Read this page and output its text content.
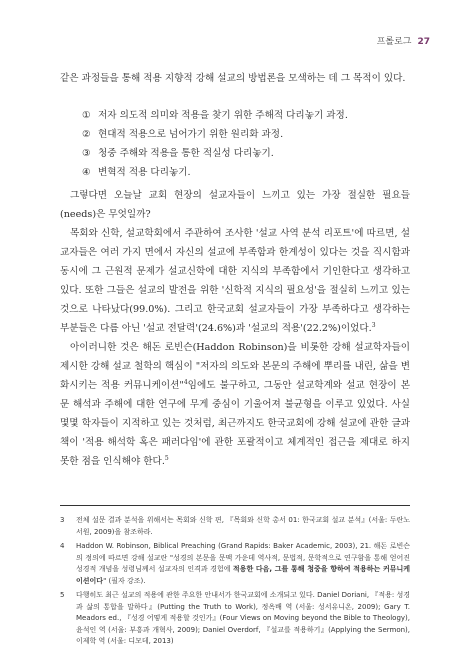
프롤로그 27

같은 과정들을 통해 적용 지향적 강해 설교의 방법론을 모색하는 데 그 목적이 있다.

① 저자 의도적 의미와 적용을 찾기 위한 주해적 다리놓기 과정.
② 현대적 적용으로 넘어가기 위한 원리화 과정.
③ 청중 주해와 적용을 통한 적실성 다리놓기.
④ 변혁적 적용 다리놓기.

그렇다면 오늘날 교회 현장의 설교자들이 느끼고 있는 가장 절실한 필요들(needs)은 무엇일까?

목회와 신학, 설교학회에서 주관하여 조사한 '설교 사역 분석 리포트'에 따르면, 설교자들은 여러 가지 면에서 자신의 설교에 부족함과 한계성이 있다는 것을 직시함과 동시에 그 근원적 문제가 설교신학에 대한 지식의 부족함에서 기인한다고 생각하고 있다. 또한 그들은 설교의 발전을 위한 '신학적 지식의 필요성'을 절실히 느끼고 있는 것으로 나타났다(99.0%). 그리고 한국교회 설교자들이 가장 부족하다고 생각하는 부분들은 다름 아닌 '설교 전달력'(24.6%)과 '설교의 적용'(22.2%)이었다.$^3$

아이러니한 것은 해돈 로빈슨(Haddon Robinson)을 비롯한 강해 설교학자들이 제시한 강해 설교 철학의 핵심이 "저자의 의도와 본문의 주해에 뿌리를 내린, 삶을 변화시키는 적용 커뮤니케이션"$^4$임에도 불구하고, 그동안 설교학계와 설교 현장이 본문 해석과 주해에 대한 연구에 무게 중심이 기울어져 불균형을 이루고 있었다. 사실 몇몇 학자들이 지적하고 있는 것처럼, 최근까지도 한국교회에 강해 설교에 관한 글과 책이 '적용 해석학 혹은 패러다임'에 관한 포괄적이고 체계적인 접근을 제대로 하지 못한 점을 인식해야 한다.$^5$

3	전체 설문 결과 분석을 위해서는 목회와 신학 편, 『목회와 신학 총서 01: 한국교회 설교 분석』(서울: 두란노서원, 2009)을 참조하라.
4	Haddon W. Robinson, Biblical Preaching (Grand Rapids: Baker Academic, 2003), 21. 해돈 로빈슨의 정의에 따르면 강해 설교란 "성경의 본문을 문맥 가운데 역사적, 문법적, 문학적으로 연구함을 통해 얻어진 성경적 개념을 성령님께서 설교자의 인격과 경험에 적용한 다음, 그를 통해 청중을 향하여 적용하는 커뮤니케이션이다" (필자 강조).
5	다행히도 최근 설교의 적용에 관한 주요한 안내서가 한국교회에 소개되고 있다. Daniel Doriani, 『적용: 성경과 삶의 통합을 말하다』(Putting the Truth to Work), 정옥배 역 (서울: 성서유니온, 2009); Gary T. Meadors ed., 『성경 어떻게 적용할 것인가』(Four Views on Moving beyond the Bible to Theology), 윤석인 역 (서울: 부흥과 개혁사, 2009); Daniel Overdorf, 『설교를 적용하기』(Applying the Sermon), 이제학 역 (서울: 디모데, 2013)
